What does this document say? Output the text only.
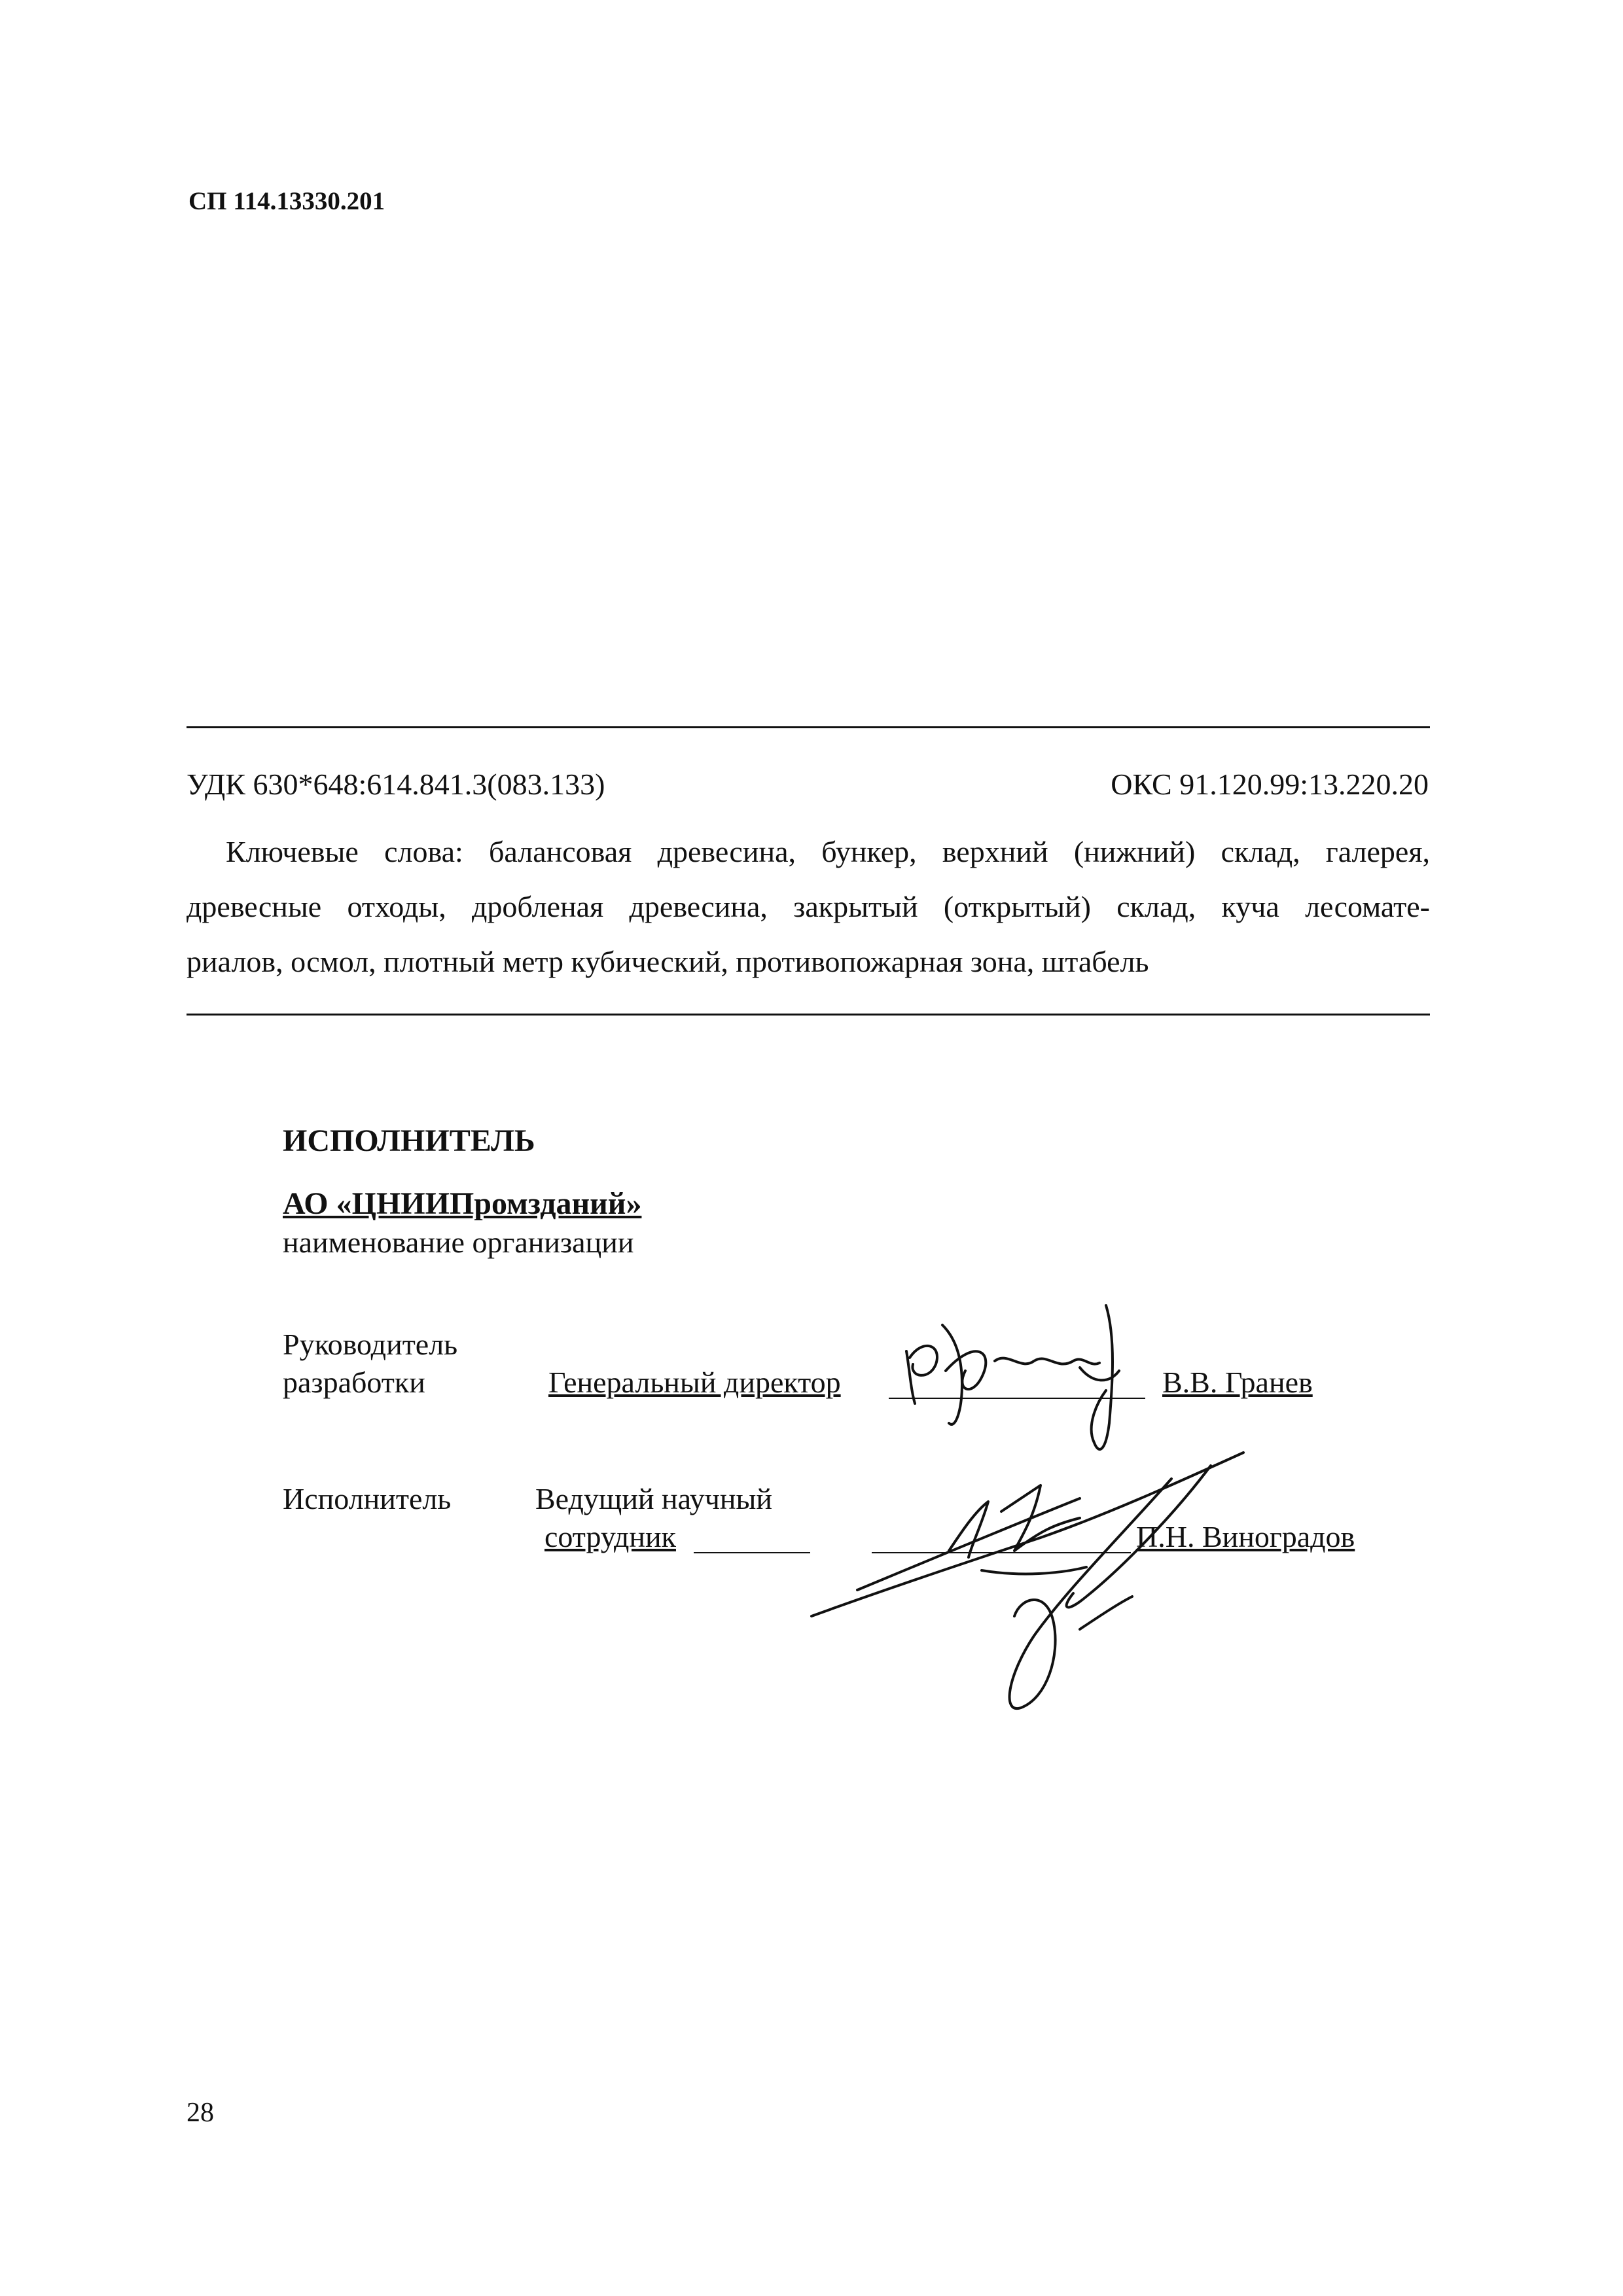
СП 114.13330.201
УДК 630*648:614.841.3(083.133)	ОКС 91.120.99:13.220.20
Ключевые слова: балансовая древесина, бункер, верхний (нижний) склад, галерея,
древесные отходы, дробленая древесина, закрытый (открытый) склад, куча лесомате-
риалов, осмол, плотный метр кубический, противопожарная зона, штабель
ИСПОЛНИТЕЛЬ
АО «ЦНИИПромзданий»
наименование организации
Руководитель
разработки	Генеральный директор	В.В. Гранев
Исполнитель	Ведущий научный
сотрудник	П.Н. Виноградов
28
